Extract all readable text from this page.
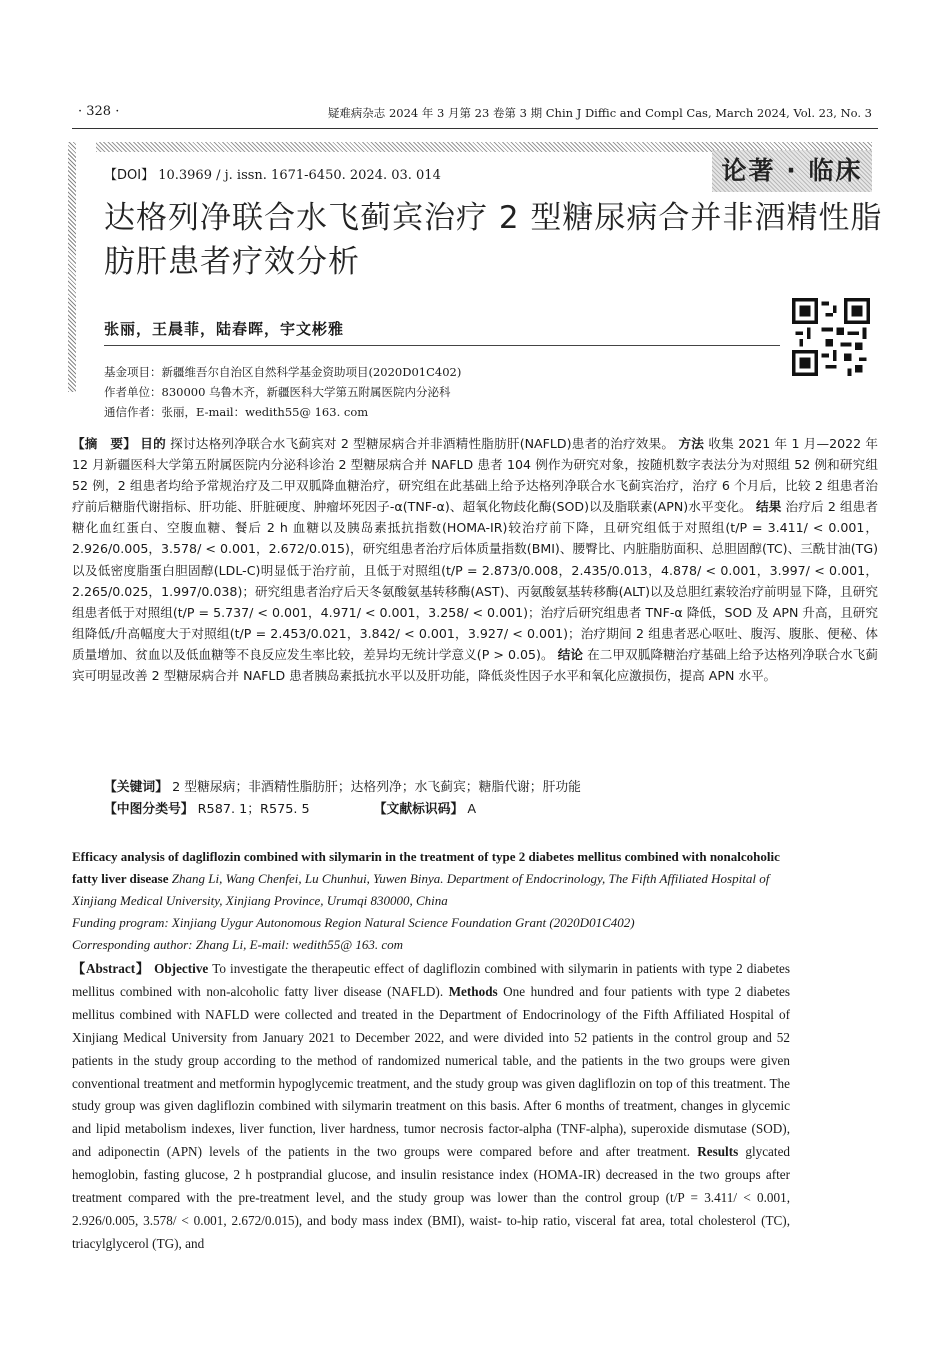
· 328 ·	疑难病杂志 2024 年 3 月第 23 卷第 3 期 Chin J Diffic and Compl Cas, March 2024, Vol. 23, No. 3
【DOI】 10.3969 / j. issn. 1671-6450. 2024. 03. 014	论著 · 临床
达格列净联合水飞蓟宾治疗 2 型糖尿病合并非酒精性脂肪肝患者疗效分析
张丽，王晨菲，陆春晖，宇文彬雅
基金项目：新疆维吾尔自治区自然科学基金资助项目(2020D01C402)
作者单位：830000 乌鲁木齐，新疆医科大学第五附属医院内分泌科
通信作者：张丽，E-mail：wedith55@ 163. com
【摘　要】 目的 探讨达格列净联合水飞蓟宾对 2 型糖尿病合并非酒精性脂肪肝(NAFLD)患者的治疗效果。 方法 收集 2021 年 1 月—2022 年 12 月新疆医科大学第五附属医院内分泌科诊治 2 型糖尿病合并 NAFLD 患者 104 例作为研究对象，按随机数字表法分为对照组 52 例和研究组 52 例，2 组患者均给予常规治疗及二甲双胍降血糖治疗，研究组在此基础上给予达格列净联合水飞蓟宾治疗，治疗 6 个月后，比较 2 组患者治疗前后糖脂代谢指标、肝功能、肝脏硬度、肿瘤坏死因子-α(TNF-α)、超氧化物歧化酶(SOD)以及脂联素(APN)水平变化。 结果 治疗后 2 组患者糖化血红蛋白、空腹血糖、餐后 2 h 血糖以及胰岛素抵抗指数(HOMA-IR)较治疗前下降，且研究组低于对照组(t/P = 3.411/ < 0.001，2.926/0.005，3.578/ < 0.001，2.672/0.015)，研究组患者治疗后体质量指数(BMI)、腰臀比、内脏脂肪面积、总胆固醇(TC)、三酰甘油(TG)以及低密度脂蛋白胆固醇(LDL-C)明显低于治疗前，且低于对照组(t/P = 2.873/0.008，2.435/0.013，4.878/ < 0.001，3.997/ < 0.001，2.265/0.025，1.997/0.038)；研究组患者治疗后天冬氨酸氨基转移酶(AST)、丙氨酸氨基转移酶(ALT)以及总胆红素较治疗前明显下降，且研究组患者低于对照组(t/P = 5.737/ < 0.001，4.971/ < 0.001，3.258/ < 0.001)；治疗后研究组患者 TNF-α 降低，SOD 及 APN 升高，且研究组降低/升高幅度大于对照组(t/P = 2.453/0.021，3.842/ < 0.001，3.927/ < 0.001)；治疗期间 2 组患者恶心呕吐、腹泻、腹胀、便秘、体质量增加、贫血以及低血糖等不良反应发生率比较，差异均无统计学意义(P > 0.05)。 结论 在二甲双胍降糖治疗基础上给予达格列净联合水飞蓟宾可明显改善 2 型糖尿病合并 NAFLD 患者胰岛素抵抗水平以及肝功能，降低炎性因子水平和氧化应激损伤，提高 APN 水平。
【关键词】 2 型糖尿病；非酒精性脂肪肝；达格列净；水飞蓟宾；糖脂代谢；肝功能
【中图分类号】 R587. 1；R575. 5	【文献标识码】 A
Efficacy analysis of dagliflozin combined with silymarin in the treatment of type 2 diabetes mellitus combined with nonalcoholic fatty liver disease Zhang Li, Wang Chenfei, Lu Chunhui, Yuwen Binya. Department of Endocrinology, The Fifth Affiliated Hospital of Xinjiang Medical University, Xinjiang Province, Urumqi 830000, China
Funding program: Xinjiang Uygur Autonomous Region Natural Science Foundation Grant (2020D01C402)
Corresponding author: Zhang Li, E-mail: wedith55@ 163. com
【Abstract】 Objective To investigate the therapeutic effect of dagliflozin combined with silymarin in patients with type 2 diabetes mellitus combined with non-alcoholic fatty liver disease (NAFLD). Methods One hundred and four patients with type 2 diabetes mellitus combined with NAFLD were collected and treated in the Department of Endocrinology of the Fifth Affiliated Hospital of Xinjiang Medical University from January 2021 to December 2022, and were divided into 52 patients in the control group and 52 patients in the study group according to the method of randomized numerical table, and the patients in the two groups were given conventional treatment and metformin hypoglycemic treatment, and the study group was given dagliflozin on top of this treatment. The study group was given dagliflozin combined with silymarin treatment on this basis. After 6 months of treatment, changes in glycemic and lipid metabolism indexes, liver function, liver hardness, tumor necrosis factor-alpha (TNF-alpha), superoxide dismutase (SOD), and adiponectin (APN) levels of the patients in the two groups were compared before and after treatment. Results glycated hemoglobin, fasting glucose, 2 h postprandial glucose, and insulin resistance index (HOMA-IR) decreased in the two groups after treatment compared with the pre-treatment level, and the study group was lower than the control group (t/P = 3.411/ < 0.001, 2.926/0.005, 3.578/ < 0.001, 2.672/0.015), and body mass index (BMI), waist- to-hip ratio, visceral fat area, total cholesterol (TC), triacylglycerol (TG), and
